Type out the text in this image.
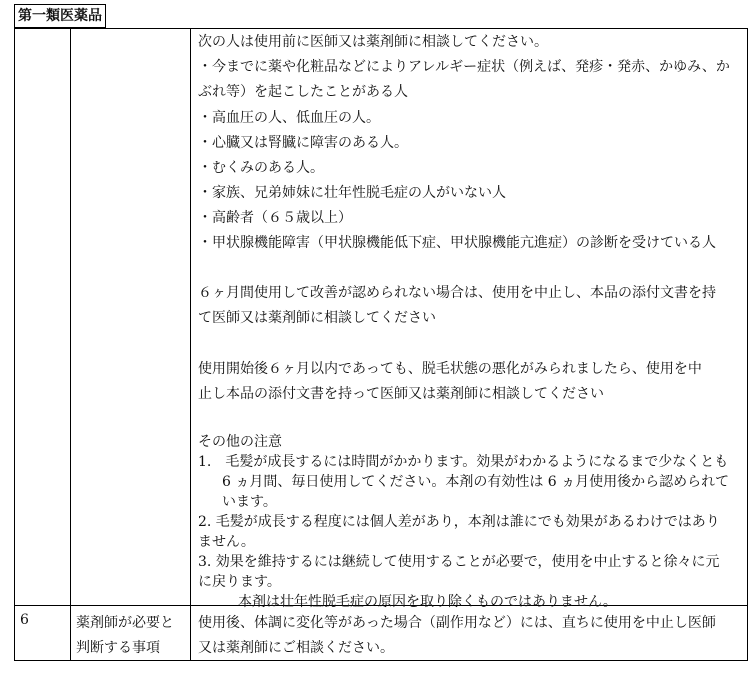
第一類医薬品
次の人は使用前に医師又は薬剤師に相談してください。
・今までに薬や化粧品などによりアレルギー症状（例えば、発疹・発赤、かゆみ、か
ぶれ等）を起こしたことがある人
・高血圧の人、低血圧の人。
・心臓又は腎臓に障害のある人。
・むくみのある人。
・家族、兄弟姉妹に壮年性脱毛症の人がいない人
・高齢者（６５歳以上）
・甲状腺機能障害（甲状腺機能低下症、甲状腺機能亢進症）の診断を受けている人
６ヶ月間使用して改善が認められない場合は、使用を中止し、本品の添付文書を持
て医師又は薬剤師に相談してください
使用開始後６ヶ月以内であっても、脱毛状態の悪化がみられましたら、使用を中
止し本品の添付文書を持って医師又は薬剤師に相談してください
その他の注意
1.　毛髪が成長するには時間がかかります。効果がわかるようになるまで少なくとも
6 ヵ月間、毎日使用してください。本剤の有効性は 6 ヵ月使用後から認められて
います。
2. 毛髪が成長する程度には個人差があり，本剤は誰にでも効果があるわけではあり
ません。
3. 効果を維持するには継続して使用することが必要で，使用を中止すると徐々に元
に戻ります。
本剤は壮年性脱毛症の原因を取り除くものではありません。
6	薬剤師が必要と
判断する事項
使用後、体調に変化等があった場合（副作用など）には、直ちに使用を中止し医師
又は薬剤師にご相談ください。
